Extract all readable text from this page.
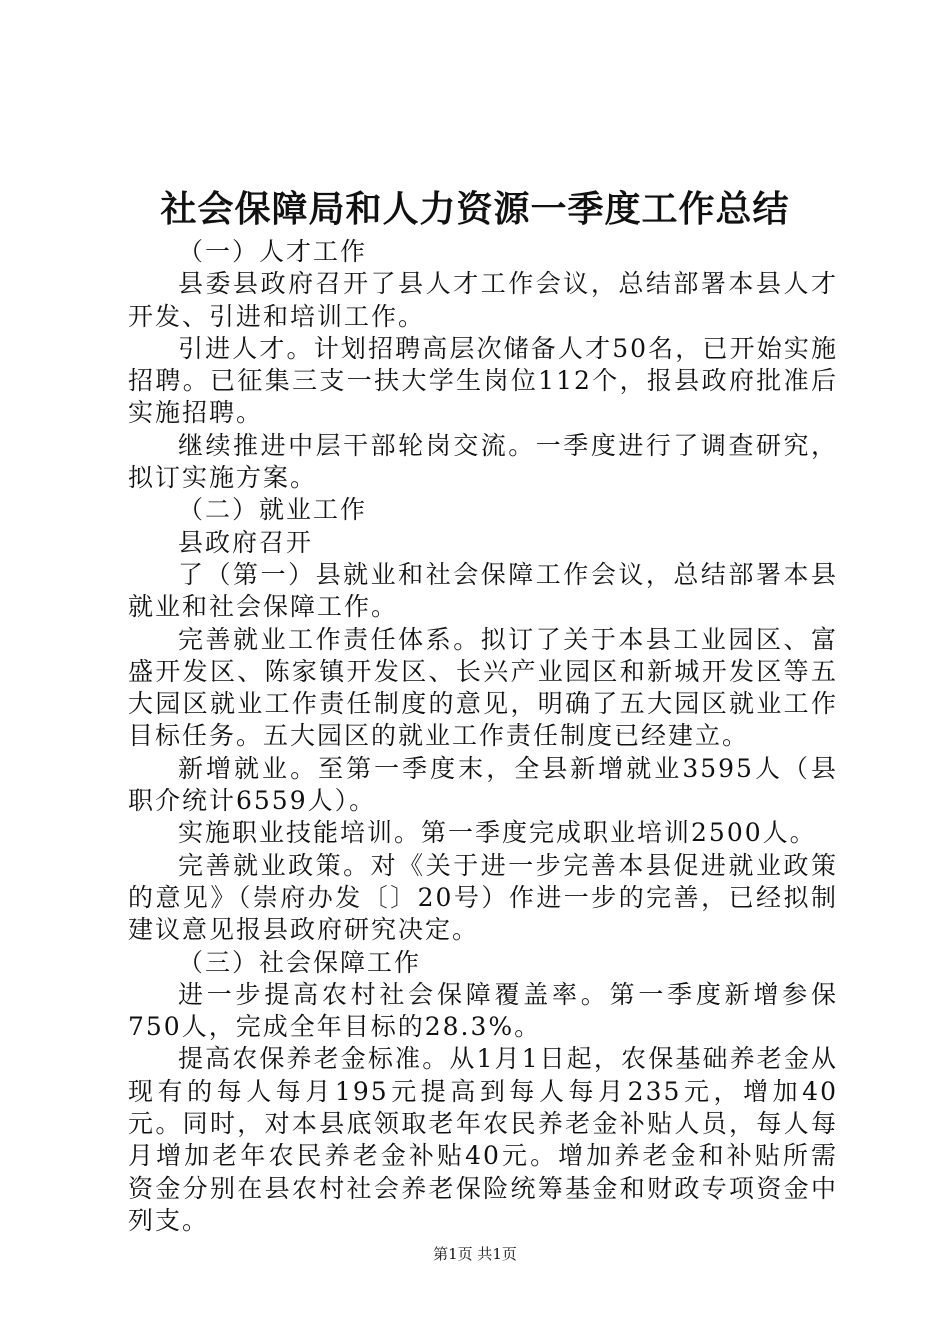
社会保障局和人力资源一季度工作总结

（一）人才工作

县委县政府召开了县人才工作会议，总结部署本县人才开发、引进和培训工作。

引进人才。计划招聘高层次储备人才50名，已开始实施招聘。已征集三支一扶大学生岗位112个，报县政府批准后实施招聘。

继续推进中层干部轮岗交流。一季度进行了调查研究，拟订实施方案。

（二）就业工作

县政府召开

了（第一）县就业和社会保障工作会议，总结部署本县就业和社会保障工作。

完善就业工作责任体系。拟订了关于本县工业园区、富盛开发区、陈家镇开发区、长兴产业园区和新城开发区等五大园区就业工作责任制度的意见，明确了五大园区就业工作目标任务。五大园区的就业工作责任制度已经建立。

新增就业。至第一季度末，全县新增就业3595人（县职介统计6559人）。

实施职业技能培训。第一季度完成职业培训2500人。

完善就业政策。对《关于进一步完善本县促进就业政策的意见》（崇府办发〔〕20号）作进一步的完善，已经拟制建议意见报县政府研究决定。

（三）社会保障工作

进一步提高农村社会保障覆盖率。第一季度新增参保750人，完成全年目标的28.3%。

提高农保养老金标准。从1月1日起，农保基础养老金从现有的每人每月195元提高到每人每月235元，增加40元。同时，对本县底领取老年农民养老金补贴人员，每人每月增加老年农民养老金补贴40元。增加养老金和补贴所需资金分别在县农村社会养老保险统筹基金和财政专项资金中列支。

第1页 共1页
